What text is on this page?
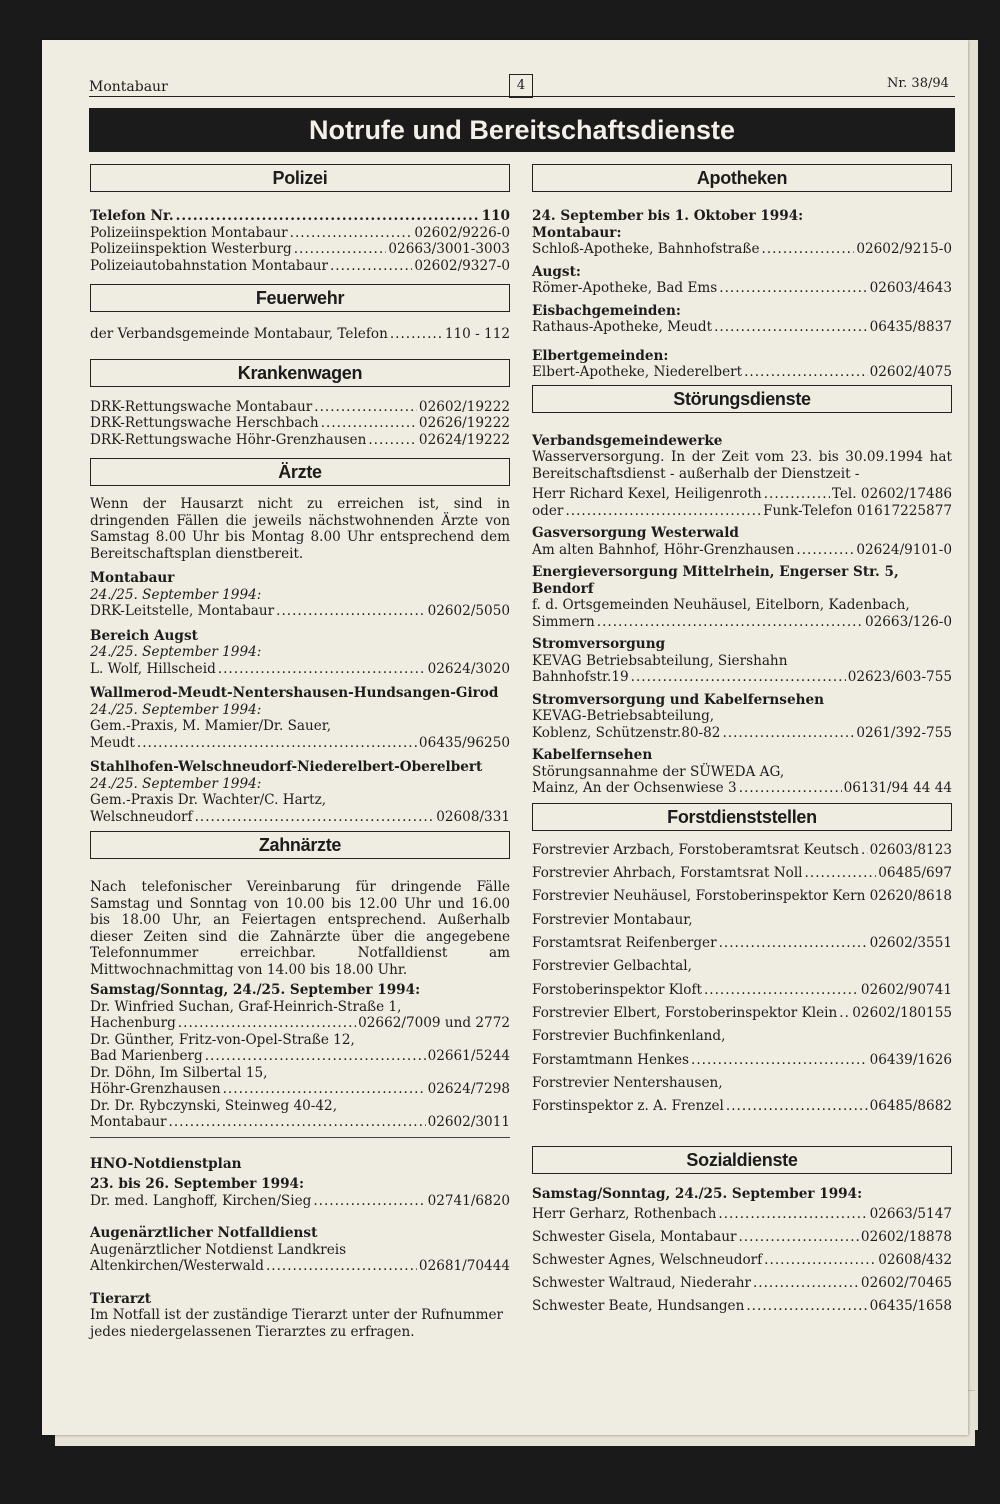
Montabaur	4	Nr. 38/94
Notrufe und Bereitschaftsdienste
Polizei
Telefon Nr. .....	110
Polizeiinspektion Montabaur .....	02602/9226-0
Polizeiinspektion Westerburg .....	02663/3001-3003
Polizeiautobahnstation Montabaur .....	02602/9327-0
Feuerwehr
der Verbandsgemeinde Montabaur, Telefon .....	110 - 112
Krankenwagen
DRK-Rettungswache Montabaur .....	02602/19222
DRK-Rettungswache Herschbach .....	02626/19222
DRK-Rettungswache Höhr-Grenzhausen .....	02624/19222
Ärzte
Wenn der Hausarzt nicht zu erreichen ist, sind in dringenden Fällen die jeweils nächstwohnenden Ärzte von Samstag 8.00 Uhr bis Montag 8.00 Uhr entsprechend dem Bereitschaftsplan dienstbereit.
Montabaur
24./25. September 1994:
DRK-Leitstelle, Montabaur .....	02602/5050
Bereich Augst
24./25. September 1994:
L. Wolf, Hillscheid .....	02624/3020
Wallmerod-Meudt-Nentershausen-Hundsangen-Girod
24./25. September 1994:
Gem.-Praxis, M. Mamier/Dr. Sauer,
Meudt .....	06435/96250
Stahlhofen-Welschneudorf-Niederelbert-Oberelbert
24./25. September 1994:
Gem.-Praxis Dr. Wachter/C. Hartz,
Welschneudorf .....	02608/331
Zahnärzte
Nach telefonischer Vereinbarung für dringende Fälle Samstag und Sonntag von 10.00 bis 12.00 Uhr und 16.00 bis 18.00 Uhr, an Feiertagen entsprechend. Außerhalb dieser Zeiten sind die Zahnärzte über die angegebene Telefonnummer erreichbar. Notfalldienst am Mittwochnachmittag von 14.00 bis 18.00 Uhr.
Samstag/Sonntag, 24./25. September 1994:
Dr. Winfried Suchan, Graf-Heinrich-Straße 1,
Hachenburg .....	02662/7009 und 2772
Dr. Günther, Fritz-von-Opel-Straße 12,
Bad Marienberg .....	02661/5244
Dr. Döhn, Im Silbertal 15,
Höhr-Grenzhausen .....	02624/7298
Dr. Dr. Rybczynski, Steinweg 40-42,
Montabaur .....	02602/3011
HNO-Notdienstplan
23. bis 26. September 1994:
Dr. med. Langhoff, Kirchen/Sieg .....	02741/6820
Augenärztlicher Notfalldienst
Augenärztlicher Notdienst Landkreis
Altenkirchen/Westerwald .....	02681/70444
Tierarzt
Im Notfall ist der zuständige Tierarzt unter der Rufnummer jedes niedergelassenen Tierarztes zu erfragen.
Apotheken
24. September bis 1. Oktober 1994:
Montabaur:
Schloß-Apotheke, Bahnhofstraße .....	02602/9215-0
Augst:
Römer-Apotheke, Bad Ems .....	02603/4643
Eisbachgemeinden:
Rathaus-Apotheke, Meudt .....	06435/8837
Elbertgemeinden:
Elbert-Apotheke, Niederelbert .....	02602/4075
Störungsdienste
Verbandsgemeindewerke
Wasserversorgung. In der Zeit vom 23. bis 30.09.1994 hat Bereitschaftsdienst - außerhalb der Dienstzeit -
Herr Richard Kexel, Heiligenroth .....	Tel. 02602/17486
oder .....	Funk-Telefon 01617225877
Gasversorgung Westerwald
Am alten Bahnhof, Höhr-Grenzhausen .....	02624/9101-0
Energieversorgung Mittelrhein, Engerser Str. 5, Bendorf
f. d. Ortsgemeinden Neuhäusel, Eitelborn, Kadenbach,
Simmern .....	02663/126-0
Stromversorgung
KEVAG Betriebsabteilung, Siershahn
Bahnhofstr.19 .....	02623/603-755
Stromversorgung und Kabelfernsehen
KEVAG-Betriebsabteilung,
Koblenz, Schützenstr.80-82 .....	0261/392-755
Kabelfernsehen
Störungsannahme der SÜWEDA AG,
Mainz, An der Ochsenwiese 3 .....	06131/94 44 44
Forstdienststellen
Forstrevier Arzbach, Forstoberamtsrat Keutsch ..... 02603/8123
Forstrevier Ahrbach, Forstamtsrat Noll .....	06485/697
Forstrevier Neuhäusel, Forstoberinspektor Kern 02620/8618
Forstrevier Montabaur,
Forstamtsrat Reifenberger .....	02602/3551
Forstrevier Gelbachtal,
Forstoberinspektor Kloft .....	02602/90741
Forstrevier Elbert, Forstoberinspektor Klein ..... 02602/180155
Forstrevier Buchfinkenland,
Forstamtmann Henkes .....	06439/1626
Forstrevier Nentershausen,
Forstinspektor z. A. Frenzel .....	06485/8682
Sozialdienste
Samstag/Sonntag, 24./25. September 1994:
Herr Gerharz, Rothenbach .....	02663/5147
Schwester Gisela, Montabaur .....	02602/18878
Schwester Agnes, Welschneudorf .....	02608/432
Schwester Waltraud, Niederahr .....	02602/70465
Schwester Beate, Hundsangen .....	06435/1658
